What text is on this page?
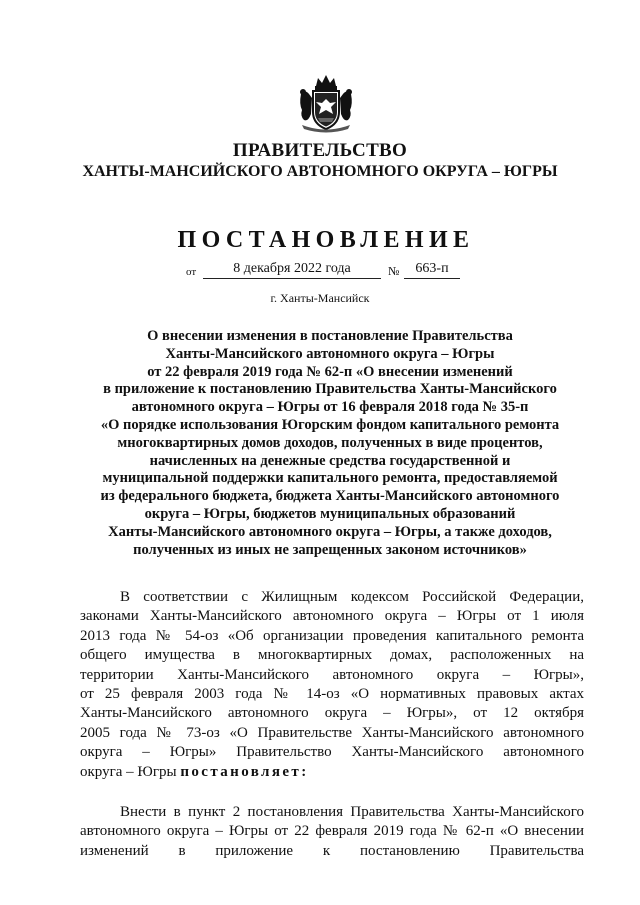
ПРАВИТЕЛЬСТВО
ХАНТЫ-МАНСИЙСКОГО АВТОНОМНОГО ОКРУГА – ЮГРЫ
ПОСТАНОВЛЕНИЕ
от	8 декабря 2022 года	№	663-п
г. Ханты-Мансийск
О внесении изменения в постановление Правительства
Ханты-Мансийского автономного округа – Югры
от 22 февраля 2019 года № 62-п «О внесении изменений
в приложение к постановлению Правительства Ханты-Мансийского
автономного округа – Югры от 16 февраля 2018 года № 35-п
«О порядке использования Югорским фондом капитального ремонта
многоквартирных домов доходов, полученных в виде процентов,
начисленных на денежные средства государственной и
муниципальной поддержки капитального ремонта, предоставляемой
из федерального бюджета, бюджета Ханты-Мансийского автономного
округа – Югры, бюджетов муниципальных образований
Ханты-Мансийского автономного округа – Югры, а также доходов,
полученных из иных не запрещенных законом источников»
В соответствии с Жилищным кодексом Российской Федерации,
законами Ханты-Мансийского автономного округа – Югры от 1 июля
2013 года № 54-оз «Об организации проведения капитального ремонта
общего имущества в многоквартирных домах, расположенных на
территории Ханты-Мансийского автономного округа – Югры»,
от 25 февраля 2003 года № 14-оз «О нормативных правовых актах
Ханты-Мансийского автономного округа – Югры», от 12 октября
2005 года № 73-оз «О Правительстве Ханты-Мансийского автономного
округа – Югры» Правительство Ханты-Мансийского автономного
округа – Югры постановляет:
Внести в пункт 2 постановления Правительства Ханты-Мансийского
автономного округа – Югры от 22 февраля 2019 года № 62-п «О внесении
изменений в приложение к постановлению Правительства
